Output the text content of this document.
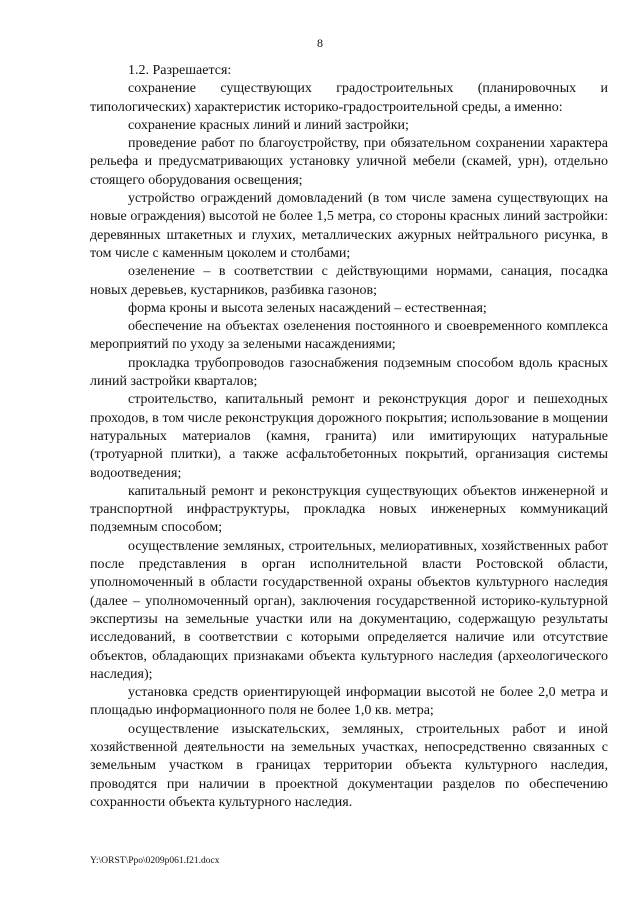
8

1.2. Разрешается:

сохранение существующих градостроительных (планировочных и типологических) характеристик историко-градостроительной среды, а именно:

сохранение красных линий и линий застройки;

проведение работ по благоустройству, при обязательном сохранении характера рельефа и предусматривающих установку уличной мебели (скамей, урн), отдельно стоящего оборудования освещения;

устройство ограждений домовладений (в том числе замена существующих на новые ограждения) высотой не более 1,5 метра, со стороны красных линий застройки: деревянных штакетных и глухих, металлических ажурных нейтрального рисунка, в том числе с каменным цоколем и столбами;

озеленение – в соответствии с действующими нормами, санация, посадка новых деревьев, кустарников, разбивка газонов;

форма кроны и высота зеленых насаждений – естественная;

обеспечение на объектах озеленения постоянного и своевременного комплекса мероприятий по уходу за зелеными насаждениями;

прокладка трубопроводов газоснабжения подземным способом вдоль красных линий застройки кварталов;

строительство, капитальный ремонт и реконструкция дорог и пешеходных проходов, в том числе реконструкция дорожного покрытия; использование в мощении натуральных материалов (камня, гранита) или имитирующих натуральные (тротуарной плитки), а также асфальтобетонных покрытий, организация системы водоотведения;

капитальный ремонт и реконструкция существующих объектов инженерной и транспортной инфраструктуры, прокладка новых инженерных коммуникаций подземным способом;

осуществление земляных, строительных, мелиоративных, хозяйственных работ после представления в орган исполнительной власти Ростовской области, уполномоченный в области государственной охраны объектов культурного наследия (далее – уполномоченный орган), заключения государственной историко-культурной экспертизы на земельные участки или на документацию, содержащую результаты исследований, в соответствии с которыми определяется наличие или отсутствие объектов, обладающих признаками объекта культурного наследия (археологического наследия);

установка средств ориентирующей информации высотой не более 2,0 метра и площадью информационного поля не более 1,0 кв. метра;

осуществление изыскательских, земляных, строительных работ и иной хозяйственной деятельности на земельных участках, непосредственно связанных с земельным участком в границах территории объекта культурного наследия, проводятся при наличии в проектной документации разделов по обеспечению сохранности объекта культурного наследия.

Y:\ORST\Ppo\0209p061.f21.docx
